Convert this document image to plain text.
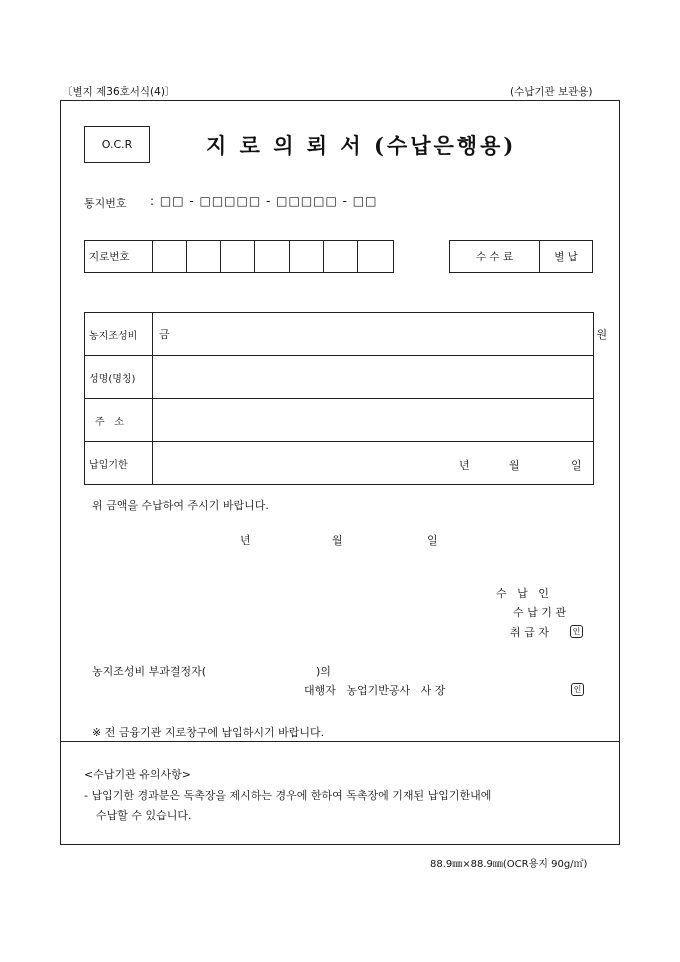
〔별지 제36호서식(4)〕	(수납기관 보관용)
O.C.R	지 로 의 뢰 서 (수납은행용)
통지번호 : □□ - □□□□□ - □□□□□ - □□
지로번호								수 수 료	별 납
농지조성비	금 원

성명(명칭)	
주   소	
납입기한	년 월 일
위 금액을 수납하여 주시기 바랍니다.
년	월	일
수   납   인
수 납 기 관
취 급 자	인
농지조성비 부과결정자(	)의
대행자   농업기반공사   사 장	인
※ 전 금융기관 지로창구에 납입하시기 바랍니다.
<수납기관 유의사항>
- 납입기한 경과분은 독촉장을 제시하는 경우에 한하여 독촉장에 기재된 납입기한내에
수납할 수 있습니다.
88.9㎜×88.9㎜(OCR용지 90g/㎡)
